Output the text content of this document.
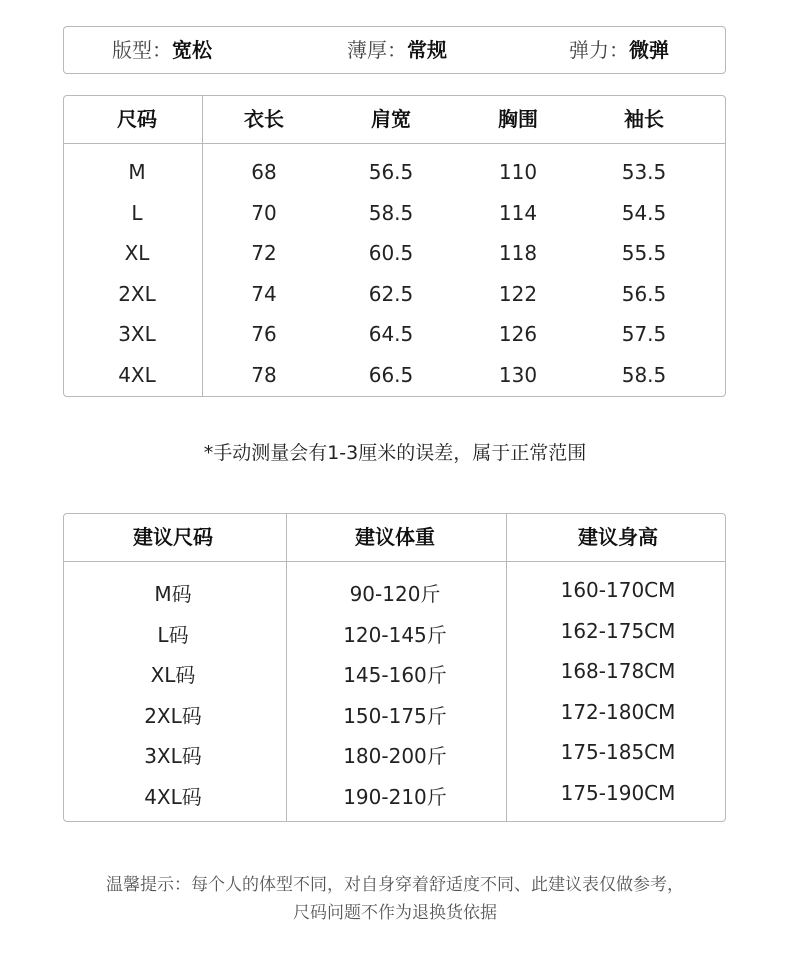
版型：宽松	薄厚：常规	弹力：微弹
尺码	衣长	肩宽	胸围	袖长
M	68	56.5	110	53.5
L	70	58.5	114	54.5
XL	72	60.5	118	55.5
2XL	74	62.5	122	56.5
3XL	76	64.5	126	57.5
4XL	78	66.5	130	58.5
*手动测量会有1-3厘米的误差，属于正常范围
建议尺码	建议体重	建议身高
M码	90-120斤	160-170CM
L码	120-145斤	162-175CM
XL码	145-160斤	168-178CM
2XL码	150-175斤	172-180CM
3XL码	180-200斤	175-185CM
4XL码	190-210斤	175-190CM
温馨提示：每个人的体型不同，对自身穿着舒适度不同、此建议表仅做参考，
尺码问题不作为退换货依据
